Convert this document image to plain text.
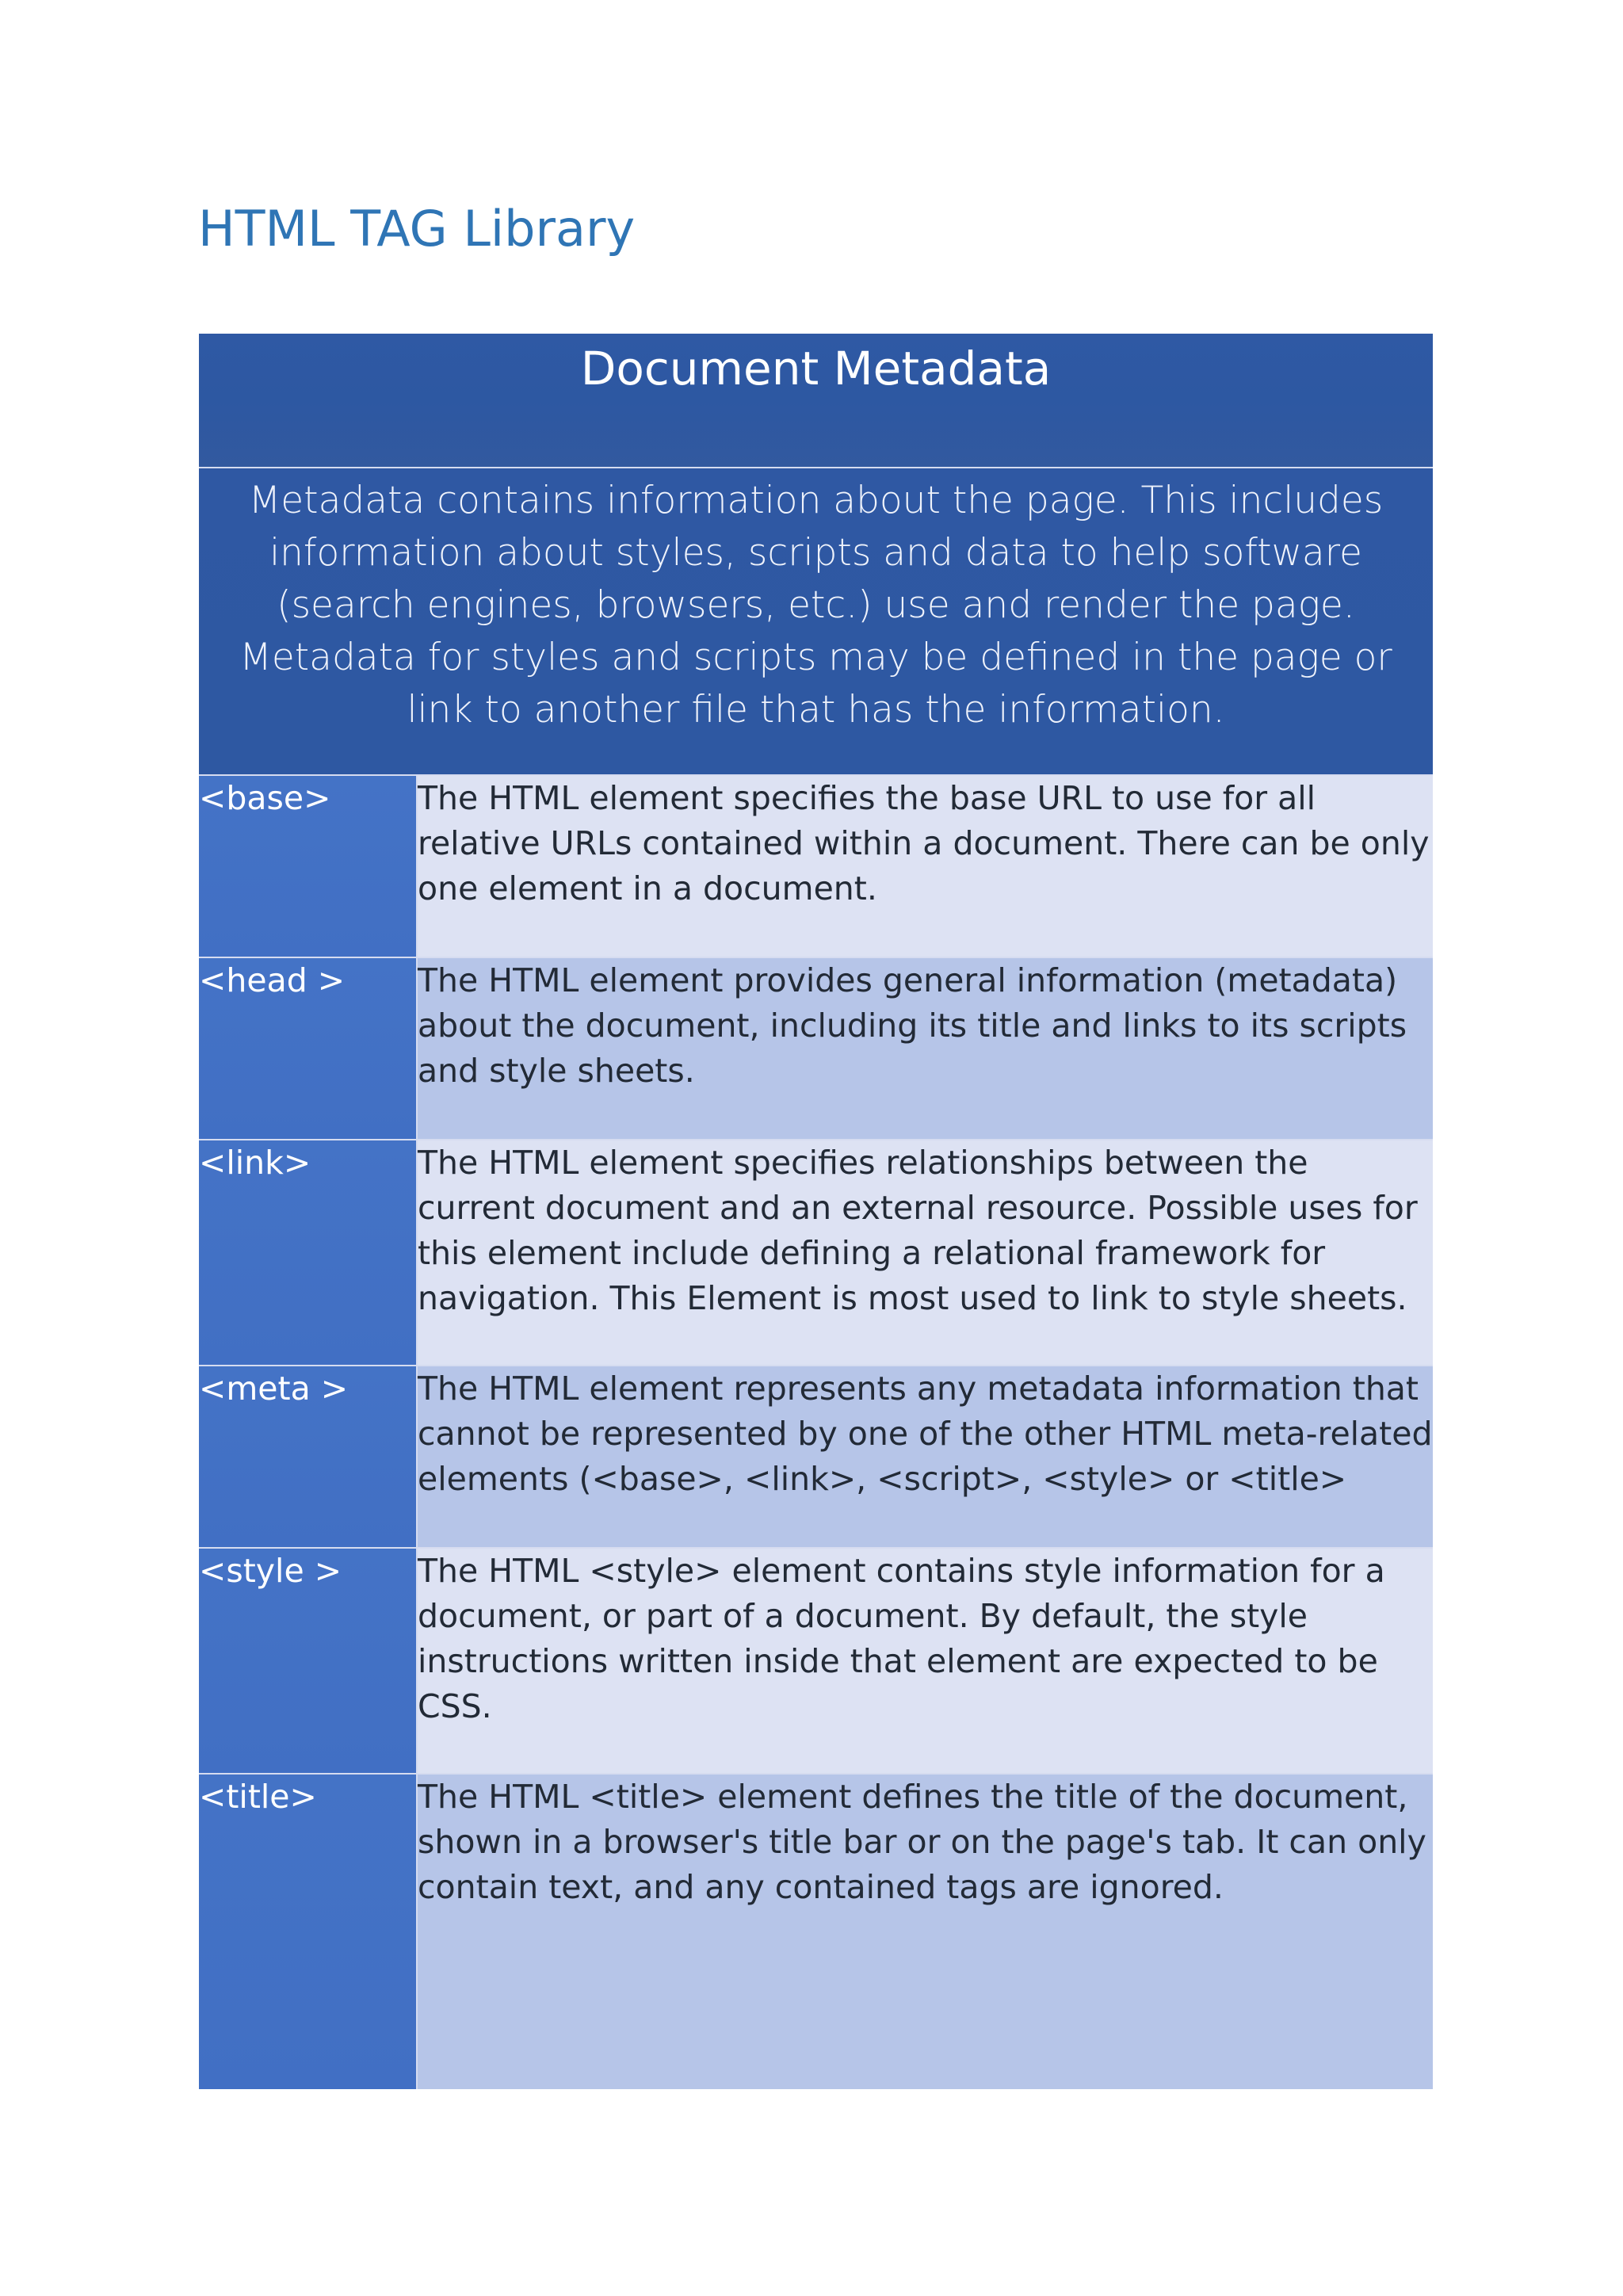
HTML TAG Library
Document Metadata	
Metadata contains information about the page. This includes information about styles, scripts and data to help software (search engines, browsers, etc.) use and render the page. Metadata for styles and scripts may be defined in the page or link to another file that has the information.	
<base>	The HTML element specifies the base URL to use for all relative URLs contained within a document. There can be only one element in a document.
<head >	The HTML element provides general information (metadata) about the document, including its title and links to its scripts and style sheets.
<link>	The HTML element specifies relationships between the current document and an external resource. Possible uses for this element include defining a relational framework for navigation. This Element is most used to link to style sheets.
<meta >	The HTML element represents any metadata information that cannot be represented by one of the other HTML meta-related elements (<base>, <link>, <script>, <style> or <title>
<style >	The HTML <style> element contains style information for a document, or part of a document. By default, the style instructions written inside that element are expected to be CSS.
<title>	The HTML <title> element defines the title of the document, shown in a browser's title bar or on the page's tab. It can only contain text, and any contained tags are ignored.
